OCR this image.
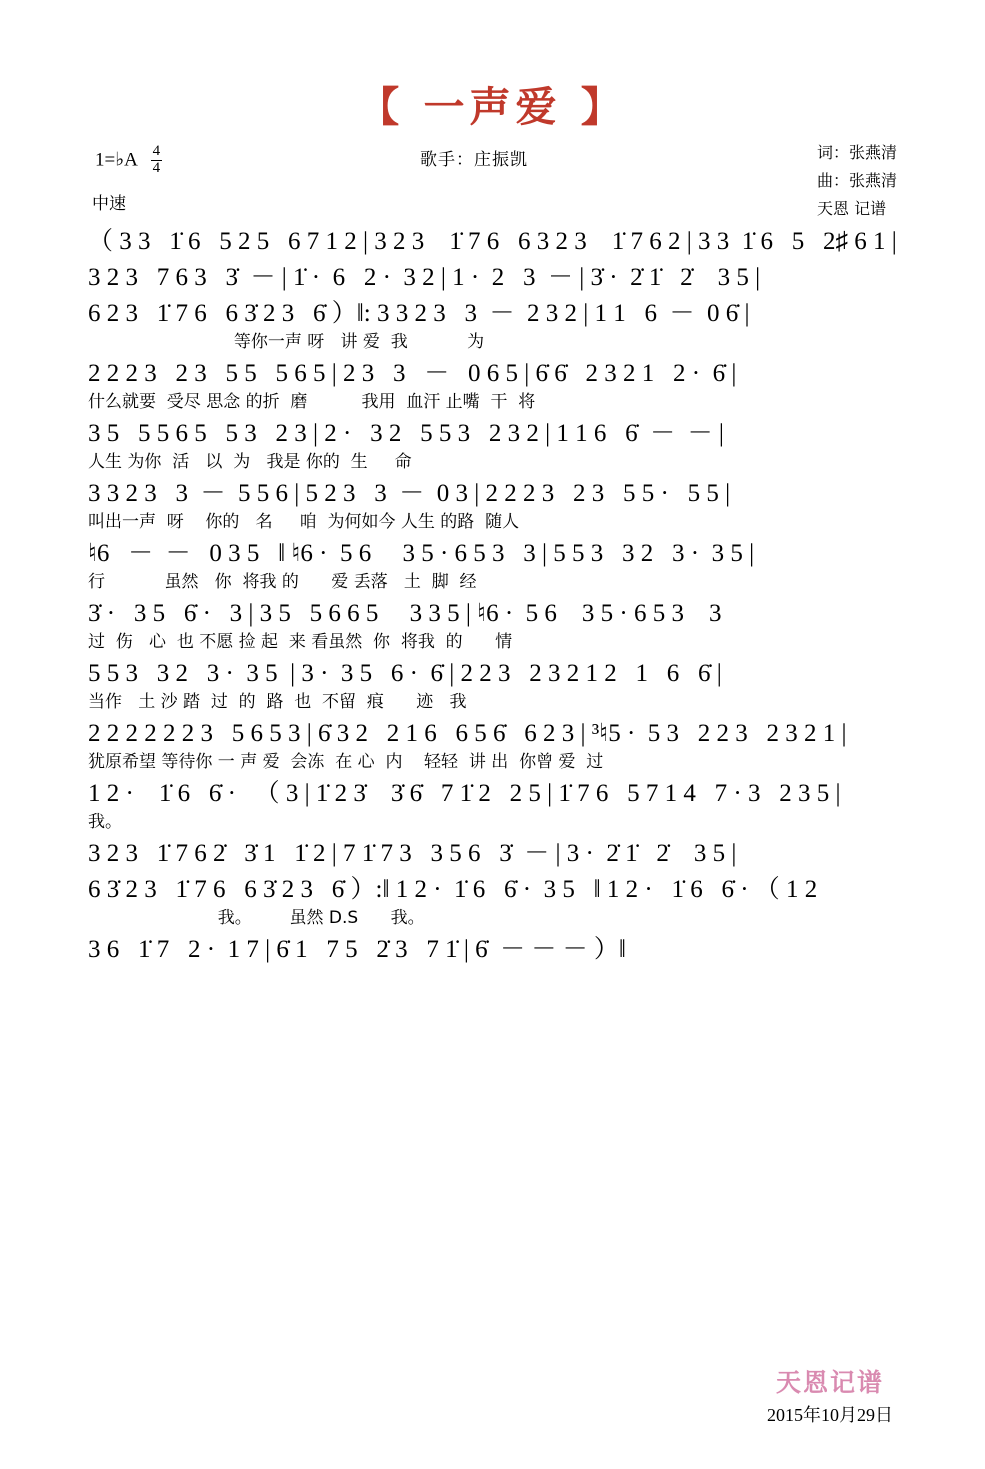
【 一声爱 】
1=♭A $\frac{4}{4}$	歌手：庄振凯
中速
词：张燕清
曲：张燕清
天恩 记谱
（ 3 3   1̇ 6   5 2 5   6 7 1 2 | 3 2 3    1̇ 7 6   6 3 2 3    1̇ 7 6 2 | 3 3  1̇ 6   5   2♯ 6 1 |
3 2 3   7 6 3   3̇  － | 1̇ ·  6   2 ·  3 2 | 1 ·  2   3  － | 3̇ ·  2̇ 1̇   2̇    3 5 |
6 2 3   1̇ 7 6   6 3̇ 2 3   6̇ ）‖: 3 3 2 3   3  －  2 3 2 | 1 1   6  －  0 6̇ |
等你一声 呀   讲 爱  我           为
2 2 2 3   2 3   5 5   5 6 5 | 2 3   3   －   0 6 5 | 6̇ 6̇   2 3 2 1   2 ·  6̇ |
什么就要  受尽 思念 的折  磨          我用  血汗 止嘴  干  将
3 5   5 5 6 5   5 3   2 3 | 2 ·   3 2   5 5 3   2 3 2 | 1 1 6   6̇  －  － |
人生 为你  活   以  为   我是 你的  生     命
3 3 2 3   3  －  5 5 6 | 5 2 3   3  －  0 3 | 2 2 2 3   2 3   5 5 ·   5 5 |
叫出一声  呀    你的   名     咱  为何如今 人生 的路  随人
♮6   －  －   0 3 5   ‖ ♮6 ·  5 6     3 5 · 6 5 3   3 | 5 5 3   3 2   3 ·  3 5 |
行           虽然   你  将我 的      爱 丢落   土  脚  经
3̇ ·   3 5   6̇ ·   3 | 3 5   5 6 6 5     3 3 5 | ♮6 ·  5 6    3 5 · 6 5 3    3
过  伤   心  也 不愿 捡 起  来 看虽然  你  将我  的      情
5 5 3   3 2   3 ·  3 5  | 3 ·  3 5   6 ·  6̇ | 2 2 3   2 3 2 1 2   1   6   6̇ |
当作   土 沙 踏  过  的  路  也  不留  痕      迹   我
2 2 2 2 2 2 3   5 6 5 3 | 6̇ 3 2   2 1 6   6 5 6̇   6 2 3 | ³♮5 ·  5 3   2 2 3   2 3 2 1 |
犹原希望 等待你 一 声 爱  会冻  在 心  内    轻轻  讲 出  你曾 爱  过
1 2 ·    1̇ 6   6̇ ·   （ 3 | 1̇ 2 3̇    3̇ 6̇   7 1̇ 2   2 5 | 1̇ 7 6   5 7 1 4   7 · 3   2 3 5 |
我。
3 2 3   1̇ 7 6 2̇   3̇ 1   1̇ 2 | 7 1̇ 7 3   3 5 6   3̇  － | 3 ·  2̇ 1̇   2̇    3 5 |
6 3̇ 2 3   1̇ 7 6   6 3̇ 2 3   6̇ ）:‖ 1 2 ·  1̇ 6   6̇ ·  3 5   ‖ 1 2 ·   1̇ 6   6̇ · （ 1 2
我。       虽然 D.S      我。
3 6   1̇ 7   2 ·  1 7 | 6̇ 1   7 5   2̇ 3   7 1̇ | 6̇  － － － ）‖
天恩记谱
2015年10月29日
